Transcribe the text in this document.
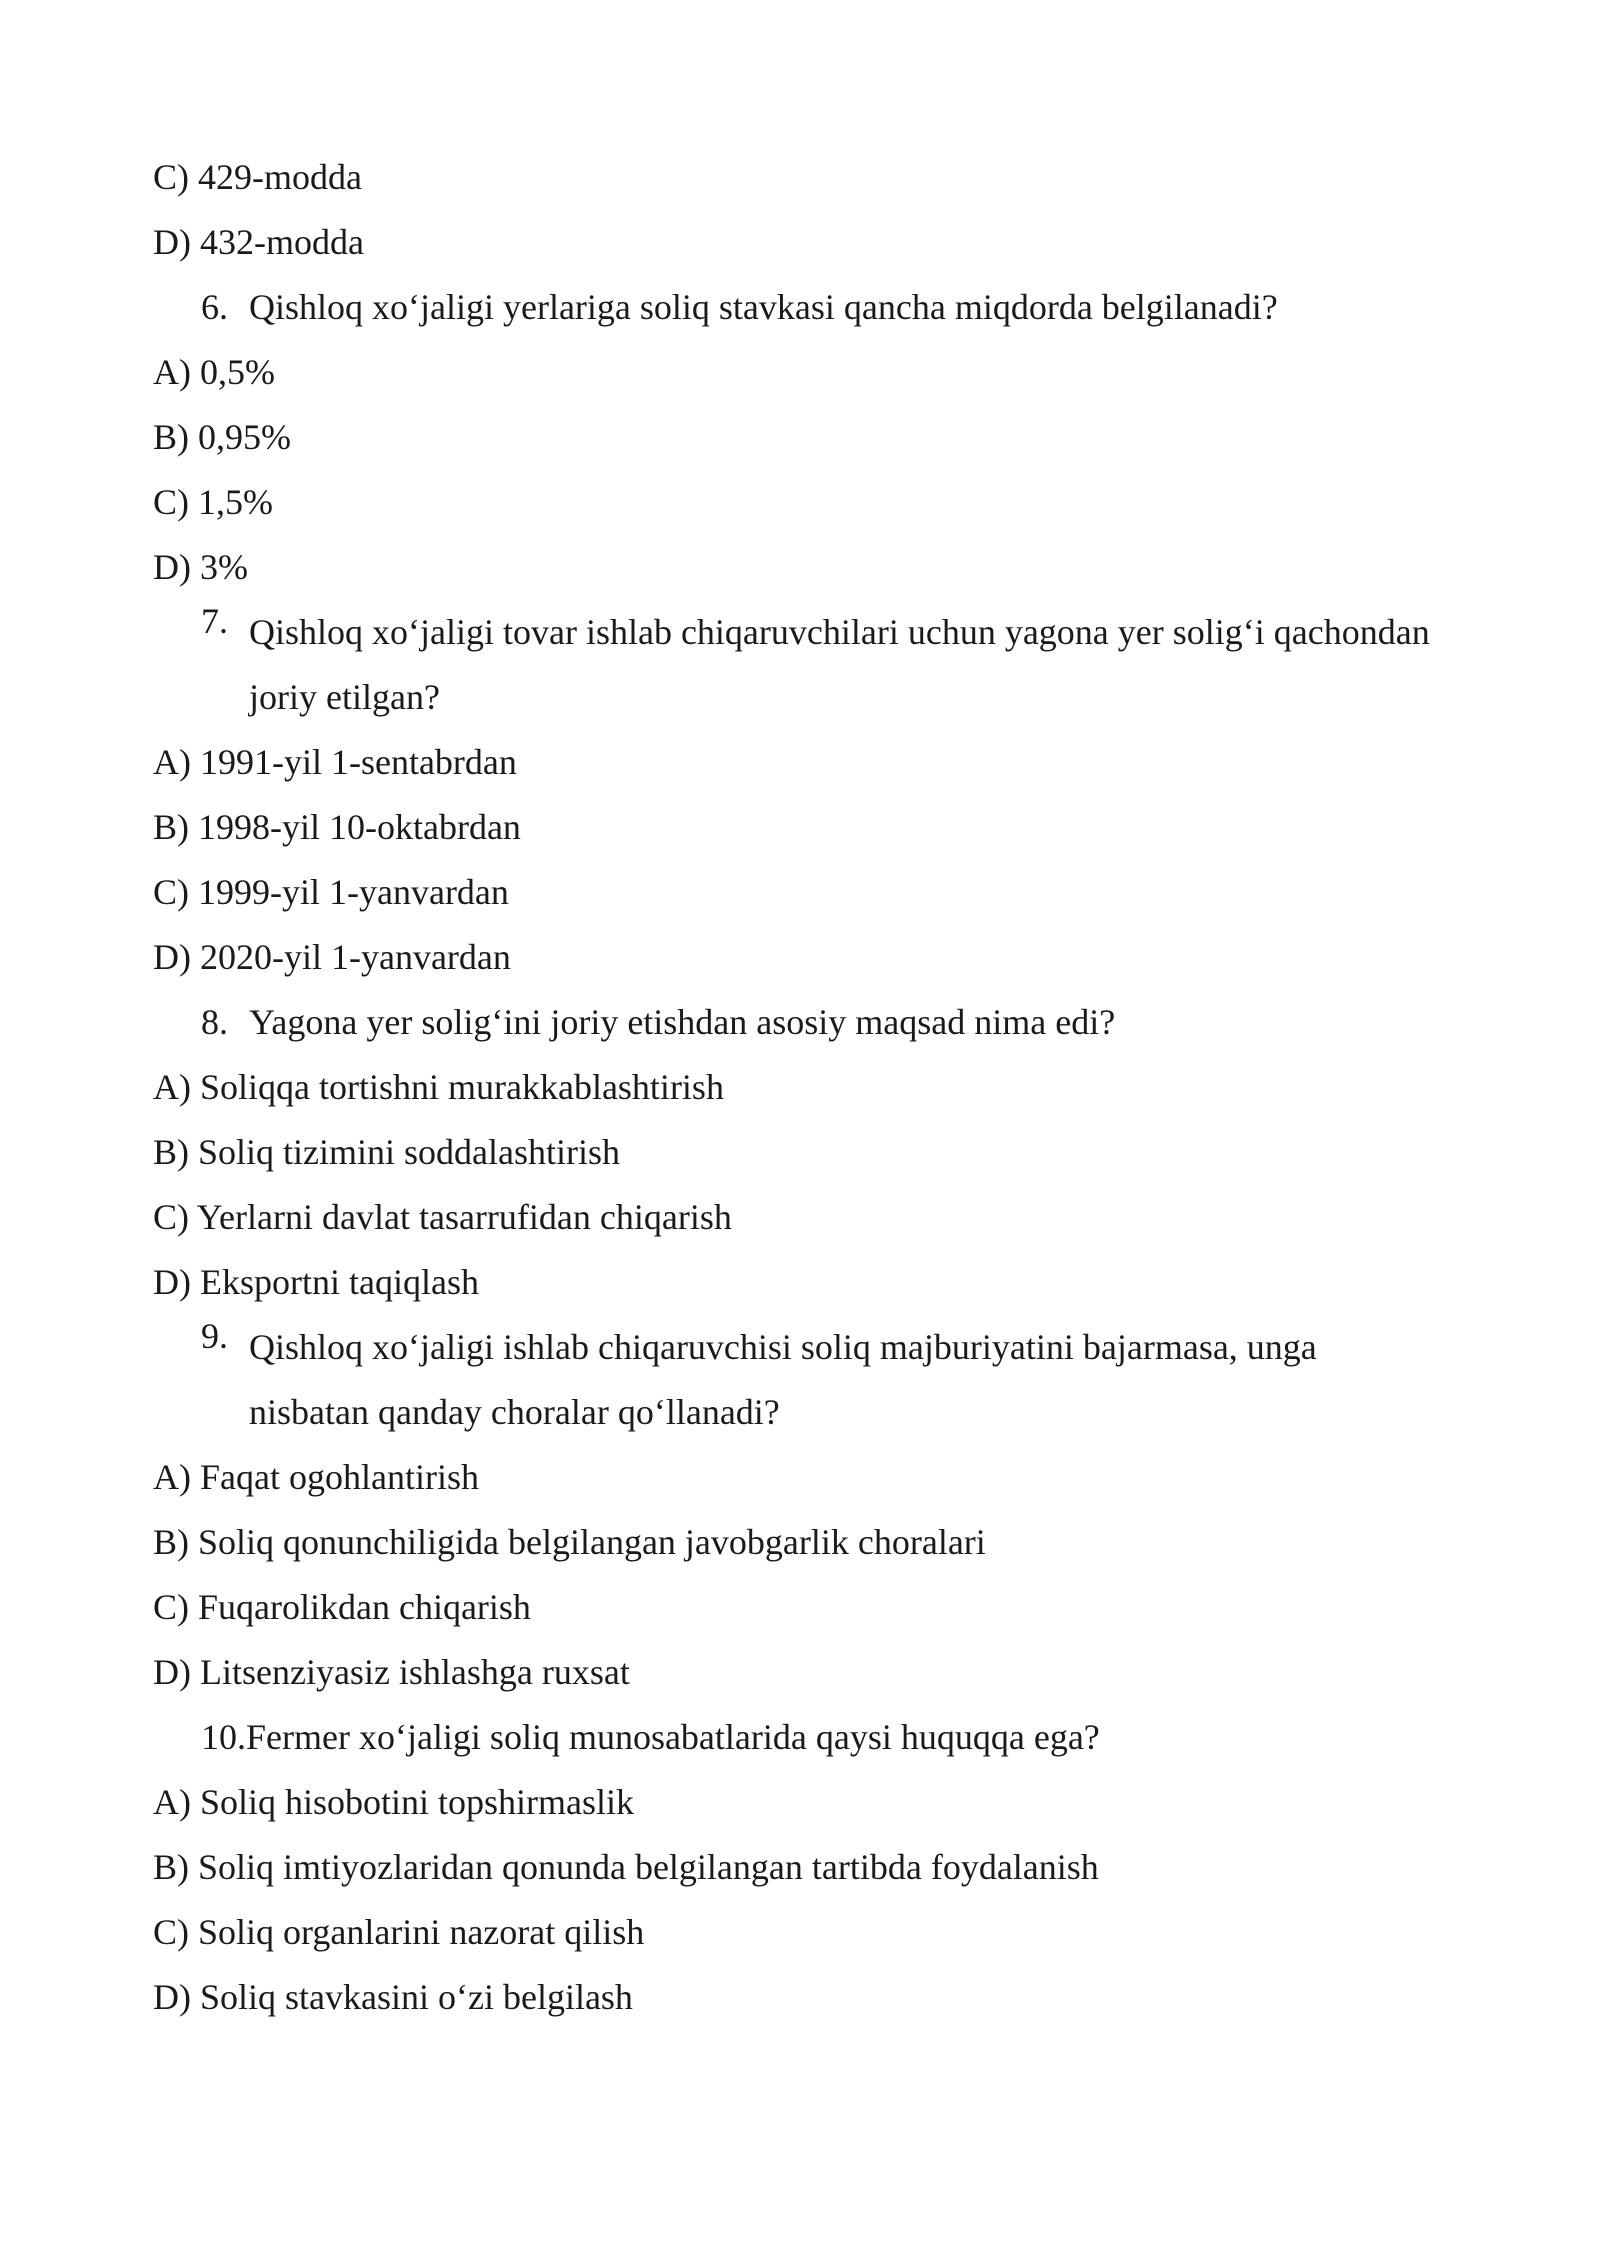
C) 429-modda
D) 432-modda
6. Qishloq xo‘jaligi yerlariga soliq stavkasi qancha miqdorda belgilanadi?
A) 0,5%
B) 0,95%
C) 1,5%
D) 3%
7. Qishloq xo‘jaligi tovar ishlab chiqaruvchilari uchun yagona yer solig‘i qachondan joriy etilgan?
A) 1991-yil 1-sentabrdan
B) 1998-yil 10-oktabrdan
C) 1999-yil 1-yanvardan
D) 2020-yil 1-yanvardan
8. Yagona yer solig‘ini joriy etishdan asosiy maqsad nima edi?
A) Soliqqa tortishni murakkablashtirish
B) Soliq tizimini soddalashtirish
C) Yerlarni davlat tasarrufidan chiqarish
D) Eksportni taqiqlash
9. Qishloq xo‘jaligi ishlab chiqaruvchisi soliq majburiyatini bajarmasa, unga nisbatan qanday choralar qo‘llanadi?
A) Faqat ogohlantirish
B) Soliq qonunchiligida belgilangan javobgarlik choralari
C) Fuqarolikdan chiqarish
D) Litsenziyasiz ishlashga ruxsat
10.Fermer xo‘jaligi soliq munosabatlarida qaysi huquqqa ega?
A) Soliq hisobotini topshirmaslik
B) Soliq imtiyozlaridan qonunda belgilangan tartibda foydalanish
C) Soliq organlarini nazorat qilish
D) Soliq stavkasini o‘zi belgilash
